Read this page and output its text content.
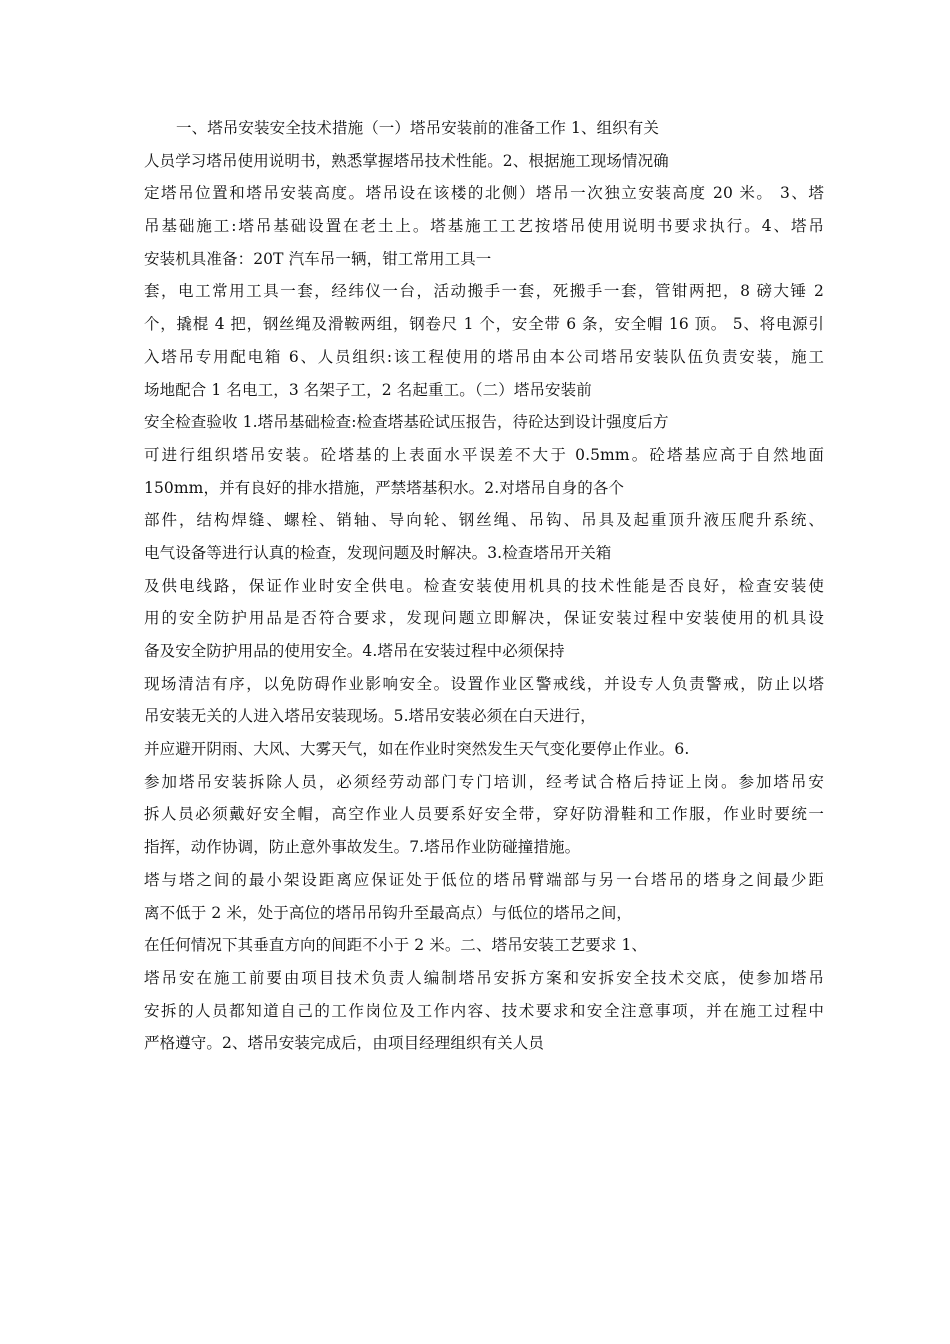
一、塔吊安装安全技术措施（一）塔吊安装前的准备工作 1、组织有关
人员学习塔吊使用说明书，熟悉掌握塔吊技术性能。2、根据施工现场情况确
定塔吊位置和塔吊安装高度。塔吊设在该楼的北侧）塔吊一次独立安装高度 20 米。 3、塔
吊基础施工:塔吊基础设置在老土上。塔基施工工艺按塔吊使用说明书要求执行。4、塔吊
安装机具准备：20T 汽车吊一辆，钳工常用工具一
套，电工常用工具一套，经纬仪一台，活动搬手一套，死搬手一套，管钳两把，8 磅大锤 2
个，撬棍 4 把，钢丝绳及滑鞍两组，钢卷尺 1 个，安全带 6 条，安全帽 16 顶。 5、将电源引
入塔吊专用配电箱 6、人员组织:该工程使用的塔吊由本公司塔吊安装队伍负责安装，施工
场地配合 1 名电工，3 名架子工，2 名起重工。（二）塔吊安装前
安全检查验收 1.塔吊基础检查:检查塔基砼试压报告，待砼达到设计强度后方
可进行组织塔吊安装。砼塔基的上表面水平误差不大于 0.5mm。砼塔基应高于自然地面
150mm，并有良好的排水措施，严禁塔基积水。2.对塔吊自身的各个
部件，结构焊缝、螺栓、销轴、导向轮、钢丝绳、吊钩、吊具及起重顶升液压爬升系统、
电气设备等进行认真的检查，发现问题及时解决。3.检查塔吊开关箱
及供电线路，保证作业时安全供电。检查安装使用机具的技术性能是否良好，检查安装使
用的安全防护用品是否符合要求，发现问题立即解决，保证安装过程中安装使用的机具设
备及安全防护用品的使用安全。4.塔吊在安装过程中必须保持
现场清洁有序，以免防碍作业影响安全。设置作业区警戒线，并设专人负责警戒，防止以塔
吊安装无关的人进入塔吊安装现场。5.塔吊安装必须在白天进行，
并应避开阴雨、大风、大雾天气，如在作业时突然发生天气变化要停止作业。6.
参加塔吊安装拆除人员，必须经劳动部门专门培训，经考试合格后持证上岗。参加塔吊安
拆人员必须戴好安全帽，高空作业人员要系好安全带，穿好防滑鞋和工作服，作业时要统一
指挥，动作协调，防止意外事故发生。7.塔吊作业防碰撞措施。
塔与塔之间的最小架设距离应保证处于低位的塔吊臂端部与另一台塔吊的塔身之间最少距
离不低于 2 米，处于高位的塔吊吊钩升至最高点）与低位的塔吊之间，
在任何情况下其垂直方向的间距不小于 2 米。二、塔吊安装工艺要求 1、
塔吊安在施工前要由项目技术负责人编制塔吊安拆方案和安拆安全技术交底，使参加塔吊
安拆的人员都知道自己的工作岗位及工作内容、技术要求和安全注意事项，并在施工过程中
严格遵守。2、塔吊安装完成后，由项目经理组织有关人员
